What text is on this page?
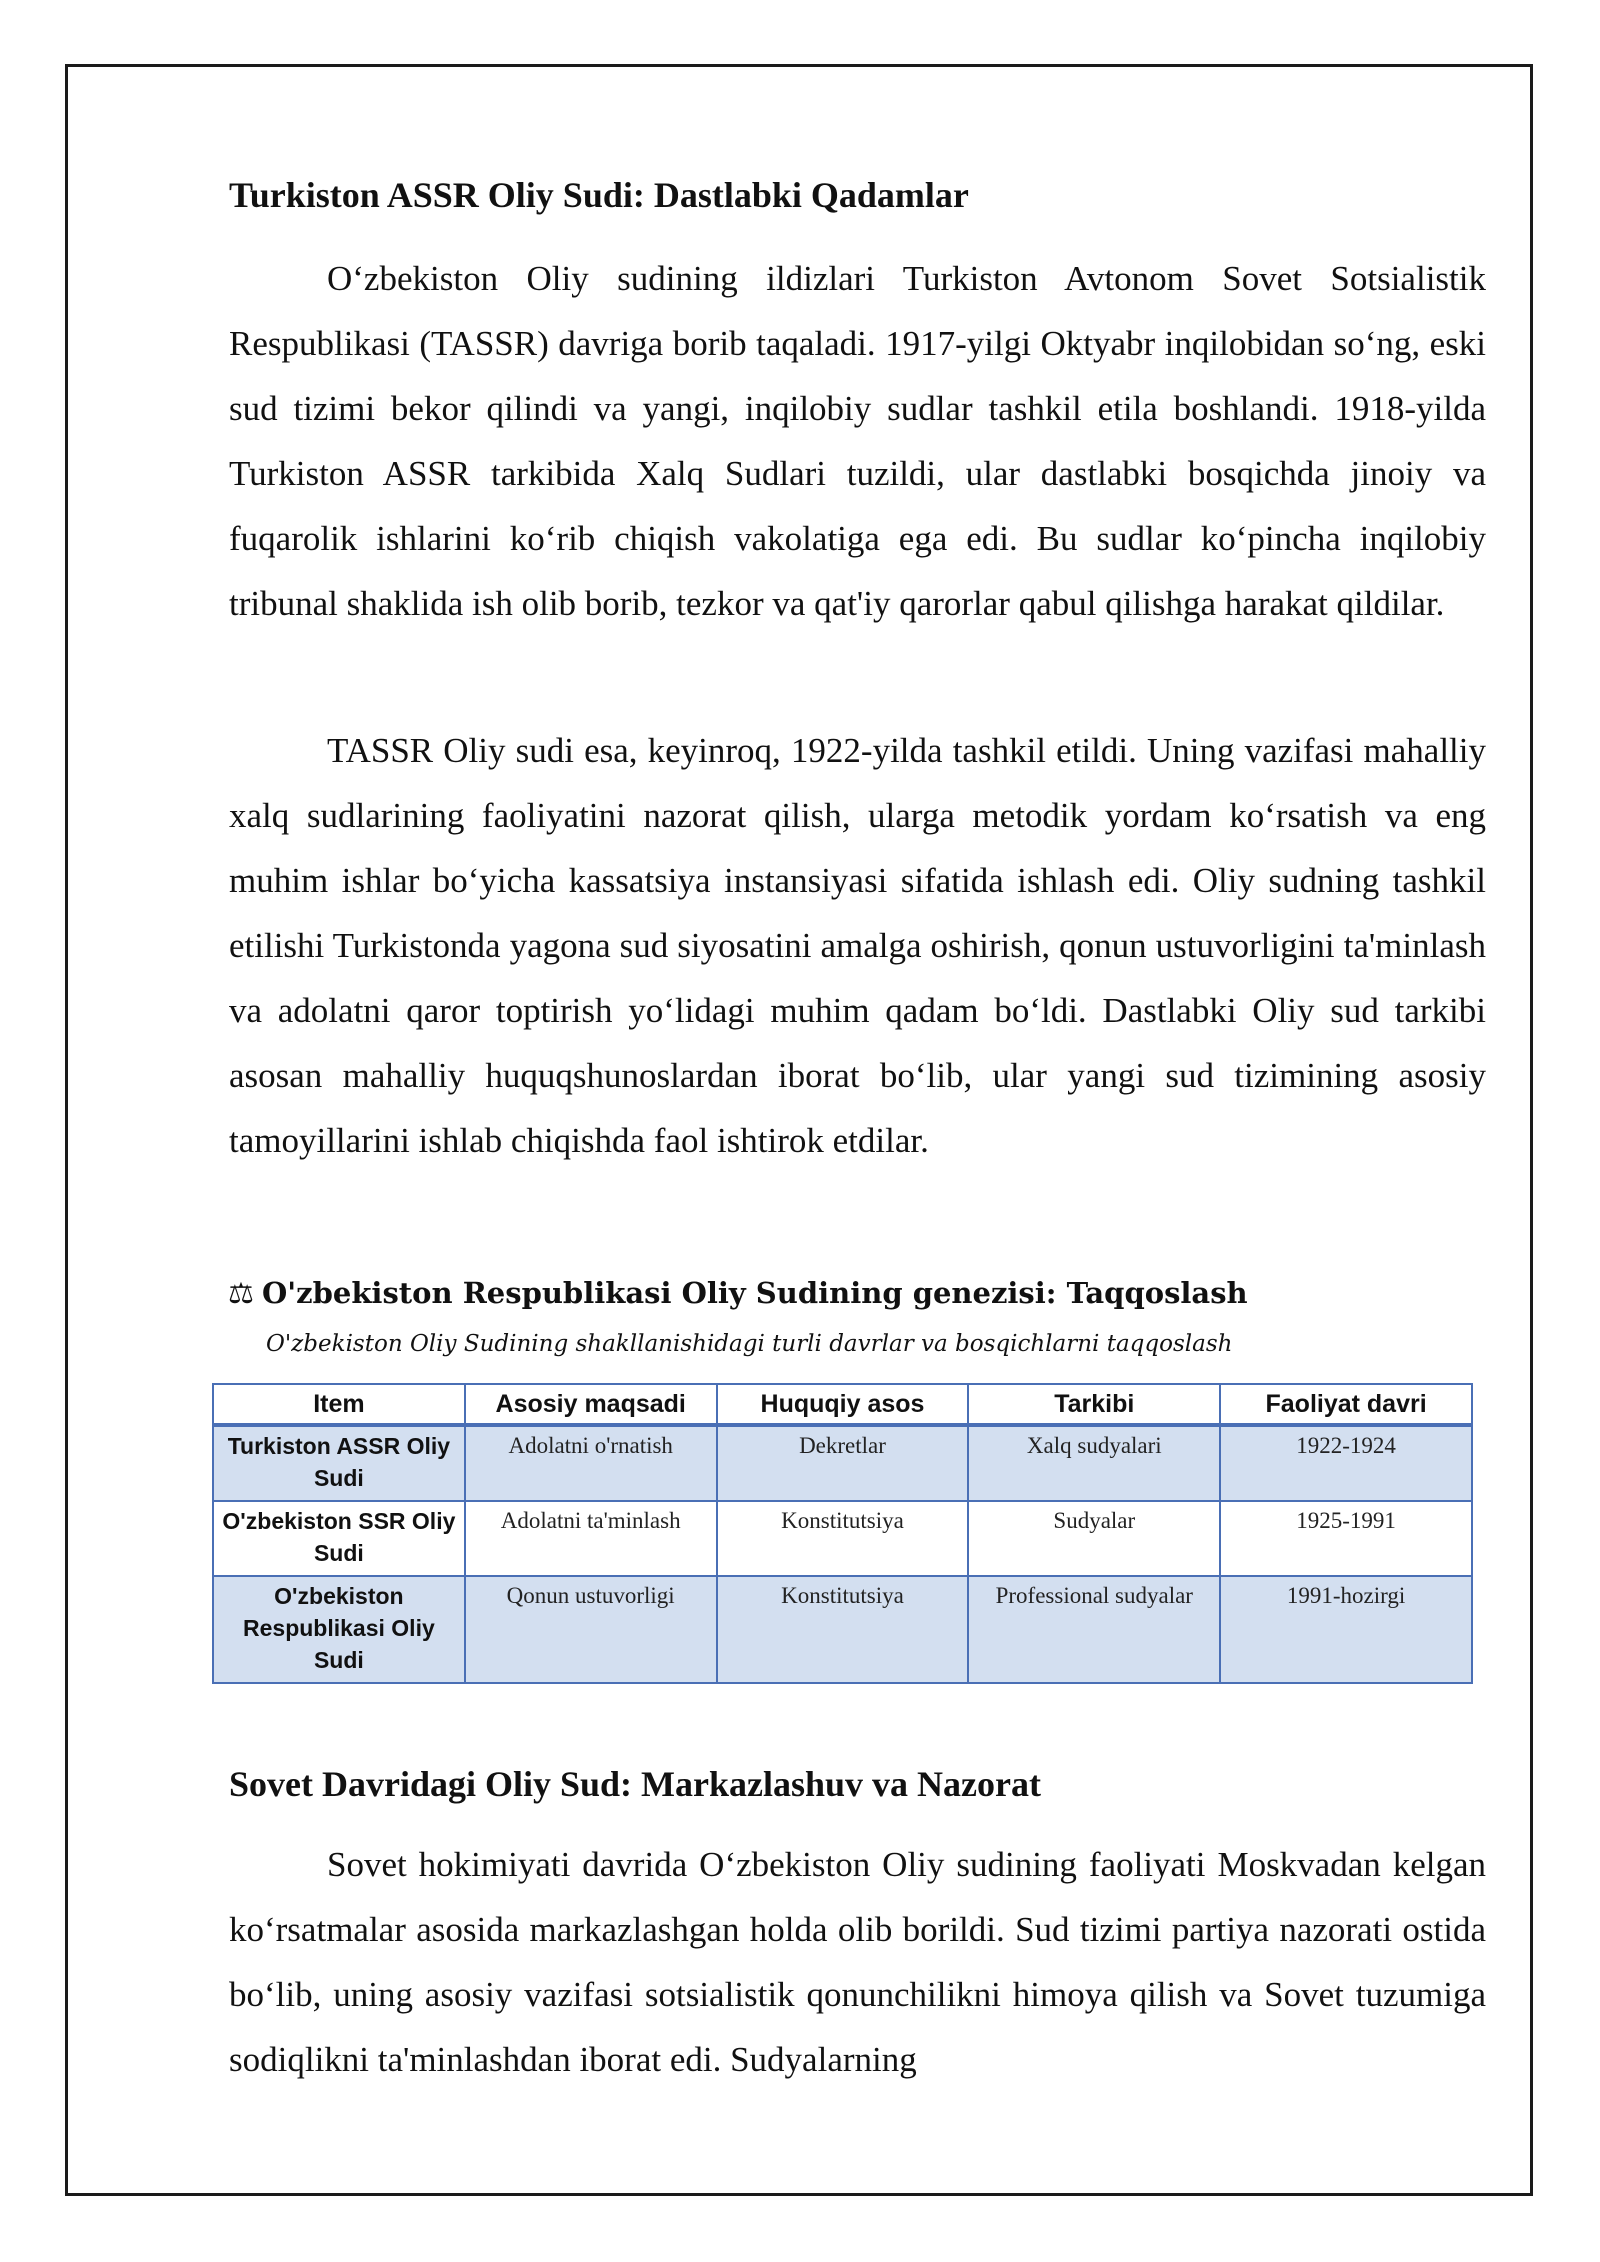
Turkiston ASSR Oliy Sudi: Dastlabki Qadamlar

O‘zbekiston Oliy sudining ildizlari Turkiston Avtonom Sovet Sotsialistik Respublikasi (TASSR) davriga borib taqaladi. 1917-yilgi Oktyabr inqilobidan so‘ng, eski sud tizimi bekor qilindi va yangi, inqilobiy sudlar tashkil etila boshlandi. 1918-yilda Turkiston ASSR tarkibida Xalq Sudlari tuzildi, ular dastlabki bosqichda jinoiy va fuqarolik ishlarini ko‘rib chiqish vakolatiga ega edi. Bu sudlar ko‘pincha inqilobiy tribunal shaklida ish olib borib, tezkor va qat'iy qarorlar qabul qilishga harakat qildilar.

TASSR Oliy sudi esa, keyinroq, 1922-yilda tashkil etildi. Uning vazifasi mahalliy xalq sudlarining faoliyatini nazorat qilish, ularga metodik yordam ko‘rsatish va eng muhim ishlar bo‘yicha kassatsiya instansiyasi sifatida ishlash edi. Oliy sudning tashkil etilishi Turkistonda yagona sud siyosatini amalga oshirish, qonun ustuvorligini ta'minlash va adolatni qaror toptirish yo‘lidagi muhim qadam bo‘ldi. Dastlabki Oliy sud tarkibi asosan mahalliy huquqshunoslardan iborat bo‘lib, ular yangi sud tizimining asosiy tamoyillarini ishlab chiqishda faol ishtirok etdilar.

⚖ O'zbekiston Respublikasi Oliy Sudining genezisi: Taqqoslash
O'zbekiston Oliy Sudining shakllanishidagi turli davrlar va bosqichlarni taqqoslash
Item	Asosiy maqsadi	Huquqiy asos	Tarkibi	Faoliyat davri
Turkiston ASSR Oliy Sudi	Adolatni o'rnatish	Dekretlar	Xalq sudyalari	1922-1924
O'zbekiston SSR Oliy Sudi	Adolatni ta'minlash	Konstitutsiya	Sudyalar	1925-1991
O'zbekiston Respublikasi Oliy Sudi	Qonun ustuvorligi	Konstitutsiya	Professional sudyalar	1991-hozirgi
Sovet Davridagi Oliy Sud: Markazlashuv va Nazorat

Sovet hokimiyati davrida O‘zbekiston Oliy sudining faoliyati Moskvadan kelgan ko‘rsatmalar asosida markazlashgan holda olib borildi. Sud tizimi partiya nazorati ostida bo‘lib, uning asosiy vazifasi sotsialistik qonunchilikni himoya qilish va Sovet tuzumiga sodiqlikni ta'minlashdan iborat edi. Sudyalarning
